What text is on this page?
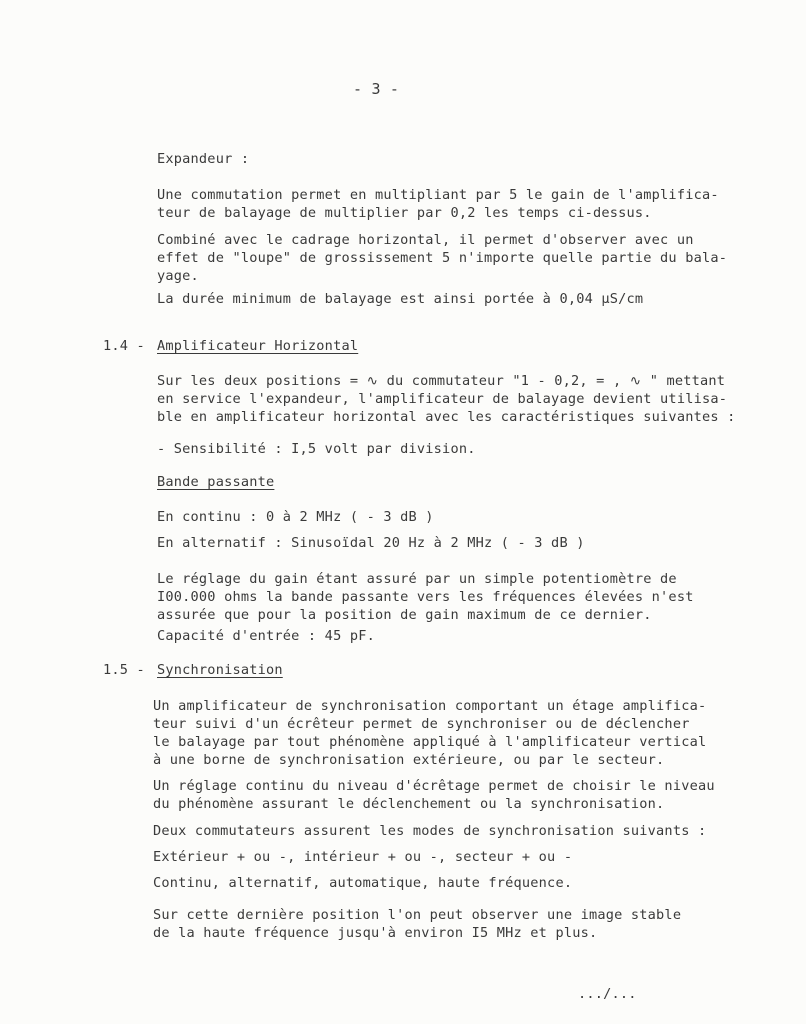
- 3 -
Expandeur :
Une commutation permet en multipliant par 5 le gain de l'amplifica-
teur de balayage de multiplier par 0,2 les temps ci-dessus.
Combiné avec le cadrage horizontal, il permet d'observer avec un
effet de "loupe" de grossissement 5 n'importe quelle partie du bala-
yage.
La durée minimum de balayage est ainsi portée à 0,04 µS/cm
1.4 - Amplificateur Horizontal
Sur les deux positions = ∿ du commutateur "1 - 0,2, = , ∿ " mettant
en service l'expandeur, l'amplificateur de balayage devient utilisa-
ble en amplificateur horizontal avec les caractéristiques suivantes :
- Sensibilité : I,5 volt par division.
Bande passante
En continu : 0 à 2 MHz ( - 3 dB )
En alternatif : Sinusoïdal 20 Hz à 2 MHz ( - 3 dB )
Le réglage du gain étant assuré par un simple potentiomètre de
I00.000 ohms la bande passante vers les fréquences élevées n'est
assurée que pour la position de gain maximum de ce dernier.
Capacité d'entrée : 45 pF.
1.5 - Synchronisation
Un amplificateur de synchronisation comportant un étage amplifica-
teur suivi d'un écrêteur permet de synchroniser ou de déclencher
le balayage par tout phénomène appliqué à l'amplificateur vertical
à une borne de synchronisation extérieure, ou par le secteur.
Un réglage continu du niveau d'écrêtage permet de choisir le niveau
du phénomène assurant le déclenchement ou la synchronisation.
Deux commutateurs assurent les modes de synchronisation suivants :
Extérieur + ou -, intérieur + ou -, secteur + ou -
Continu, alternatif, automatique, haute fréquence.
Sur cette dernière position l'on peut observer une image stable
de la haute fréquence jusqu'à environ I5 MHz et plus.
.../...
